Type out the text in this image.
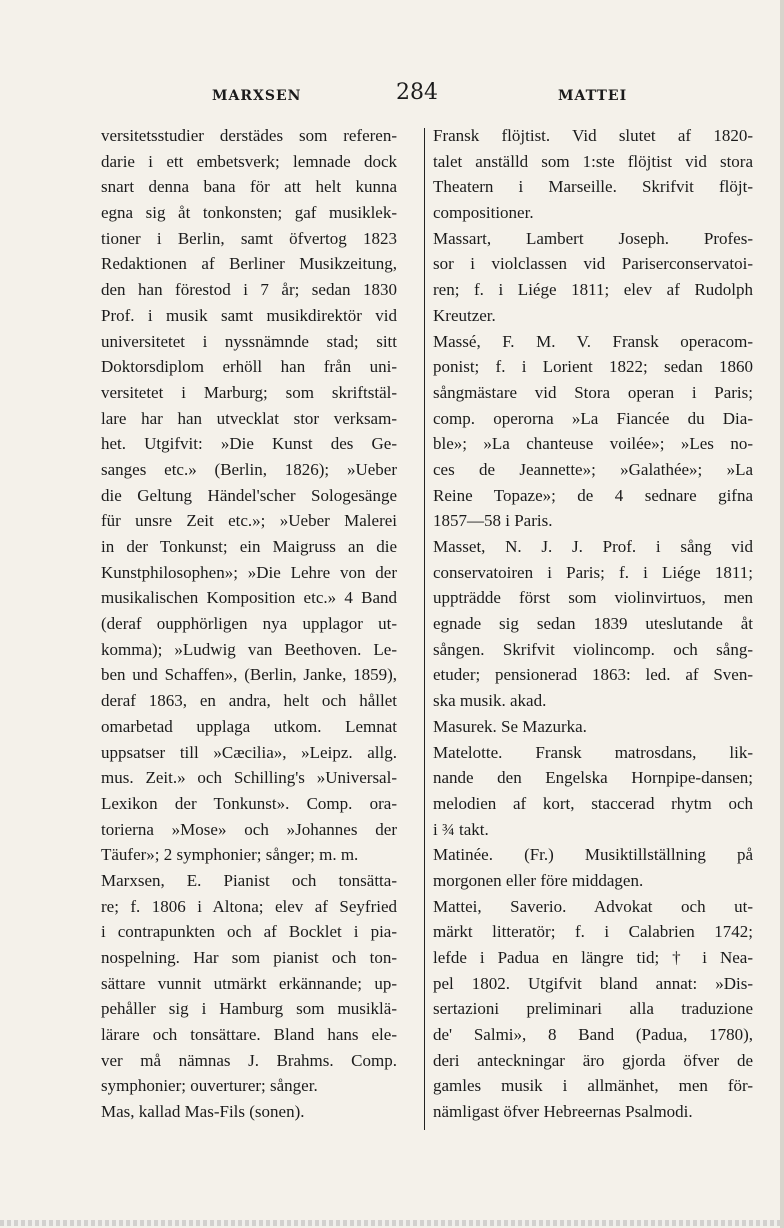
MARXSEN	284	MATTEI
versitetsstudier derstädes som referen-
darie i ett embetsverk; lemnade dock
snart denna bana för att helt kunna
egna sig åt tonkonsten; gaf musiklek-
tioner i Berlin, samt öfvertog 1823
Redaktionen af Berliner Musikzeitung,
den han förestod i 7 år; sedan 1830
Prof. i musik samt musikdirektör vid
universitetet i nyssnämnde stad; sitt
Doktorsdiplom erhöll han från uni-
versitetet i Marburg; som skriftstäl-
lare har han utvecklat stor verksam-
het. Utgifvit: »Die Kunst des Ge-
sanges etc.» (Berlin, 1826); »Ueber
die Geltung Händel'scher Sologesänge
für unsre Zeit etc.»; »Ueber Malerei
in der Tonkunst; ein Maigruss an die
Kunstphilosophen»; »Die Lehre von der
musikalischen Komposition etc.» 4 Band
(deraf oupphörligen nya upplagor ut-
komma); »Ludwig van Beethoven. Le-
ben und Schaffen», (Berlin, Janke, 1859),
deraf 1863, en andra, helt och hållet
omarbetad upplaga utkom. Lemnat
uppsatser till »Cæcilia», »Leipz. allg.
mus. Zeit.» och Schilling's »Universal-
Lexikon der Tonkunst». Comp. ora-
torierna »Mose» och »Johannes der
Täufer»; 2 symphonier; sånger; m. m.
Marxsen, E. Pianist och tonsätta-
re; f. 1806 i Altona; elev af Seyfried
i contrapunkten och af Bocklet i pia-
nospelning. Har som pianist och ton-
sättare vunnit utmärkt erkännande; up-
pehåller sig i Hamburg som musiklä-
lärare och tonsättare. Bland hans ele-
ver må nämnas J. Brahms. Comp.
symphonier; ouverturer; sånger.
Mas, kallad Mas-Fils (sonen).
Fransk flöjtist. Vid slutet af 1820-
talet anställd som 1:ste flöjtist vid stora
Theatern i Marseille. Skrifvit flöjt-
compositioner.
Massart, Lambert Joseph. Profes-
sor i violclassen vid Pariserconservatoi-
ren; f. i Liége 1811; elev af Rudolph
Kreutzer.
Massé, F. M. V. Fransk operacom-
ponist; f. i Lorient 1822; sedan 1860
sångmästare vid Stora operan i Paris;
comp. operorna »La Fiancée du Dia-
ble»; »La chanteuse voilée»; »Les no-
ces de Jeannette»; »Galathée»; »La
Reine Topaze»; de 4 sednare gifna
1857—58 i Paris.
Masset, N. J. J. Prof. i sång vid
conservatoiren i Paris; f. i Liége 1811;
uppträdde först som violinvirtuos, men
egnade sig sedan 1839 uteslutande åt
sången. Skrifvit violincomp. och sång-
etuder; pensionerad 1863: led. af Sven-
ska musik. akad.
Masurek. Se Mazurka.
Matelotte. Fransk matrosdans, lik-
nande den Engelska Hornpipe-dansen;
melodien af kort, staccerad rhytm och
i ¾ takt.
Matinée. (Fr.) Musiktillställning på
morgonen eller före middagen.
Mattei, Saverio. Advokat och ut-
märkt litteratör; f. i Calabrien 1742;
lefde i Padua en längre tid; † i Nea-
pel 1802. Utgifvit bland annat: »Dis-
sertazioni preliminari alla traduzione
de' Salmi», 8 Band (Padua, 1780),
deri anteckningar äro gjorda öfver de
gamles musik i allmänhet, men för-
nämligast öfver Hebreernas Psalmodi.
